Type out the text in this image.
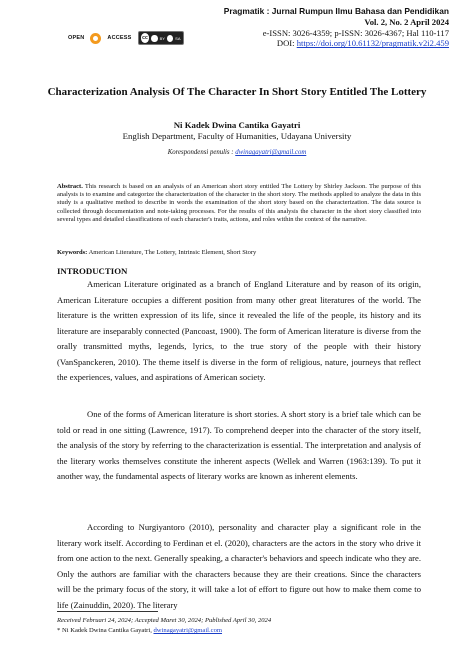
OPEN	ACCESS	cc	BY	SA
Pragmatik : Jurnal Rumpun Ilmu Bahasa dan Pendidikan
Vol. 2, No. 2 April 2024
e-ISSN: 3026-4359; p-ISSN: 3026-4367; Hal 110-117
DOI: https://doi.org/10.61132/pragmatik.v2i2.459
Characterization Analysis Of The Character In Short Story Entitled The Lottery

Ni Kadek Dwina Cantika Gayatri

English Department, Faculty of Humanities, Udayana University

Korespondensi penulis : dwinagayatri@gmail.com

Abstract. This research is based on an analysis of an American short story entitled The Lottery by Shirley Jackson. The purpose of this analysis is to examine and categorize the characterization of the character in the short story. The methods applied to analyze the data in this study is a qualitative method to describe in words the examination of the short story based on the characterization. The data source is collected through documentation and note-taking processes. For the results of this analysis the character in the short story classified into several types and detailed classifications of each character's traits, actions, and roles within the context of the narrative.

Keywords: American Literature, The Lottery, Intrinsic Element, Short Story

INTRODUCTION

American Literature originated as a branch of England Literature and by reason of its origin, American Literature occupies a different position from many other great literatures of the world. The literature is the written expression of its life, since it revealed the life of the people, its history and its literature are inseparably connected (Pancoast, 1900). The form of American literature is diverse from the orally transmitted myths, legends, lyrics, to the true story of the people with their history (VanSpanckeren, 2010). The theme itself is diverse in the form of religious, nature, journeys that reflect the experiences, values, and aspirations of American society.

One of the forms of American literature is short stories. A short story is a brief tale which can be told or read in one sitting (Lawrence, 1917). To comprehend deeper into the character of the story itself, the analysis of the story by referring to the characterization is essential. The interpretation and analysis of the literary works themselves constitute the inherent aspects (Wellek and Warren (1963:139). To put it another way, the fundamental aspects of literary works are known as inherent elements.

According to Nurgiyantoro (2010), personality and character play a significant role in the literary work itself. According to Ferdinan et el. (2020), characters are the actors in the story who drive it from one action to the next. Generally speaking, a character's behaviors and speech indicate who they are. Only the authors are familiar with the characters because they are their creations. Since the characters will be the primary focus of the story, it will take a lot of effort to figure out how to make them come to life (Zainuddin, 2020). The literary

Received Februari 24, 2024; Accepted Maret 30, 2024; Published April 30, 2024

* Ni Kadek Dwina Cantika Gayatri, dwinagayatri@gmail.com
